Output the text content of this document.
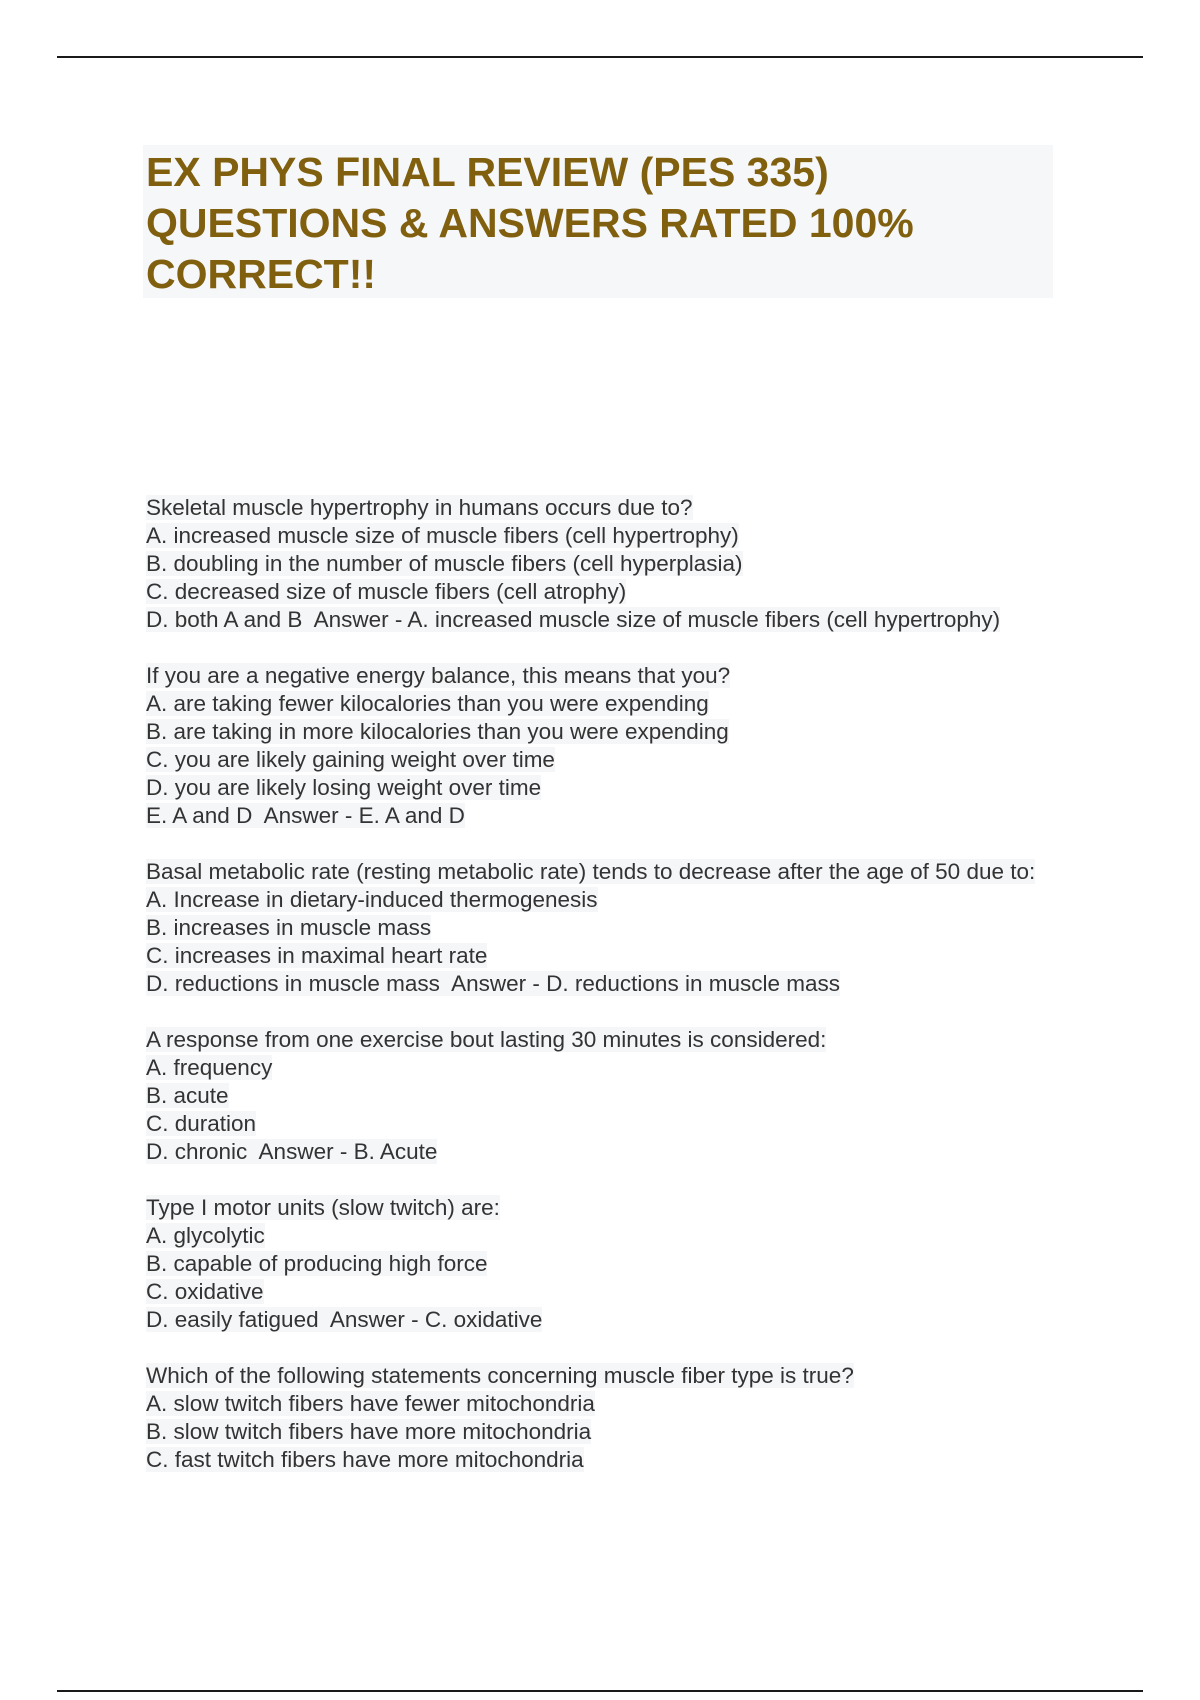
EX PHYS FINAL REVIEW (PES 335) QUESTIONS & ANSWERS RATED 100% CORRECT!!
Skeletal muscle hypertrophy in humans occurs due to?
A. increased muscle size of muscle fibers (cell hypertrophy)
B. doubling in the number of muscle fibers (cell hyperplasia)
C. decreased size of muscle fibers (cell atrophy)
D. both A and B  Answer - A. increased muscle size of muscle fibers (cell hypertrophy)
If you are a negative energy balance, this means that you?
A. are taking fewer kilocalories than you were expending
B. are taking in more kilocalories than you were expending
C. you are likely gaining weight over time
D. you are likely losing weight over time
E. A and D  Answer - E. A and D
Basal metabolic rate (resting metabolic rate) tends to decrease after the age of 50 due to:
A. Increase in dietary-induced thermogenesis
B. increases in muscle mass
C. increases in maximal heart rate
D. reductions in muscle mass  Answer - D. reductions in muscle mass
A response from one exercise bout lasting 30 minutes is considered:
A. frequency
B. acute
C. duration
D. chronic  Answer - B. Acute
Type I motor units (slow twitch) are:
A. glycolytic
B. capable of producing high force
C. oxidative
D. easily fatigued  Answer - C. oxidative
Which of the following statements concerning muscle fiber type is true?
A. slow twitch fibers have fewer mitochondria
B. slow twitch fibers have more mitochondria
C. fast twitch fibers have more mitochondria
